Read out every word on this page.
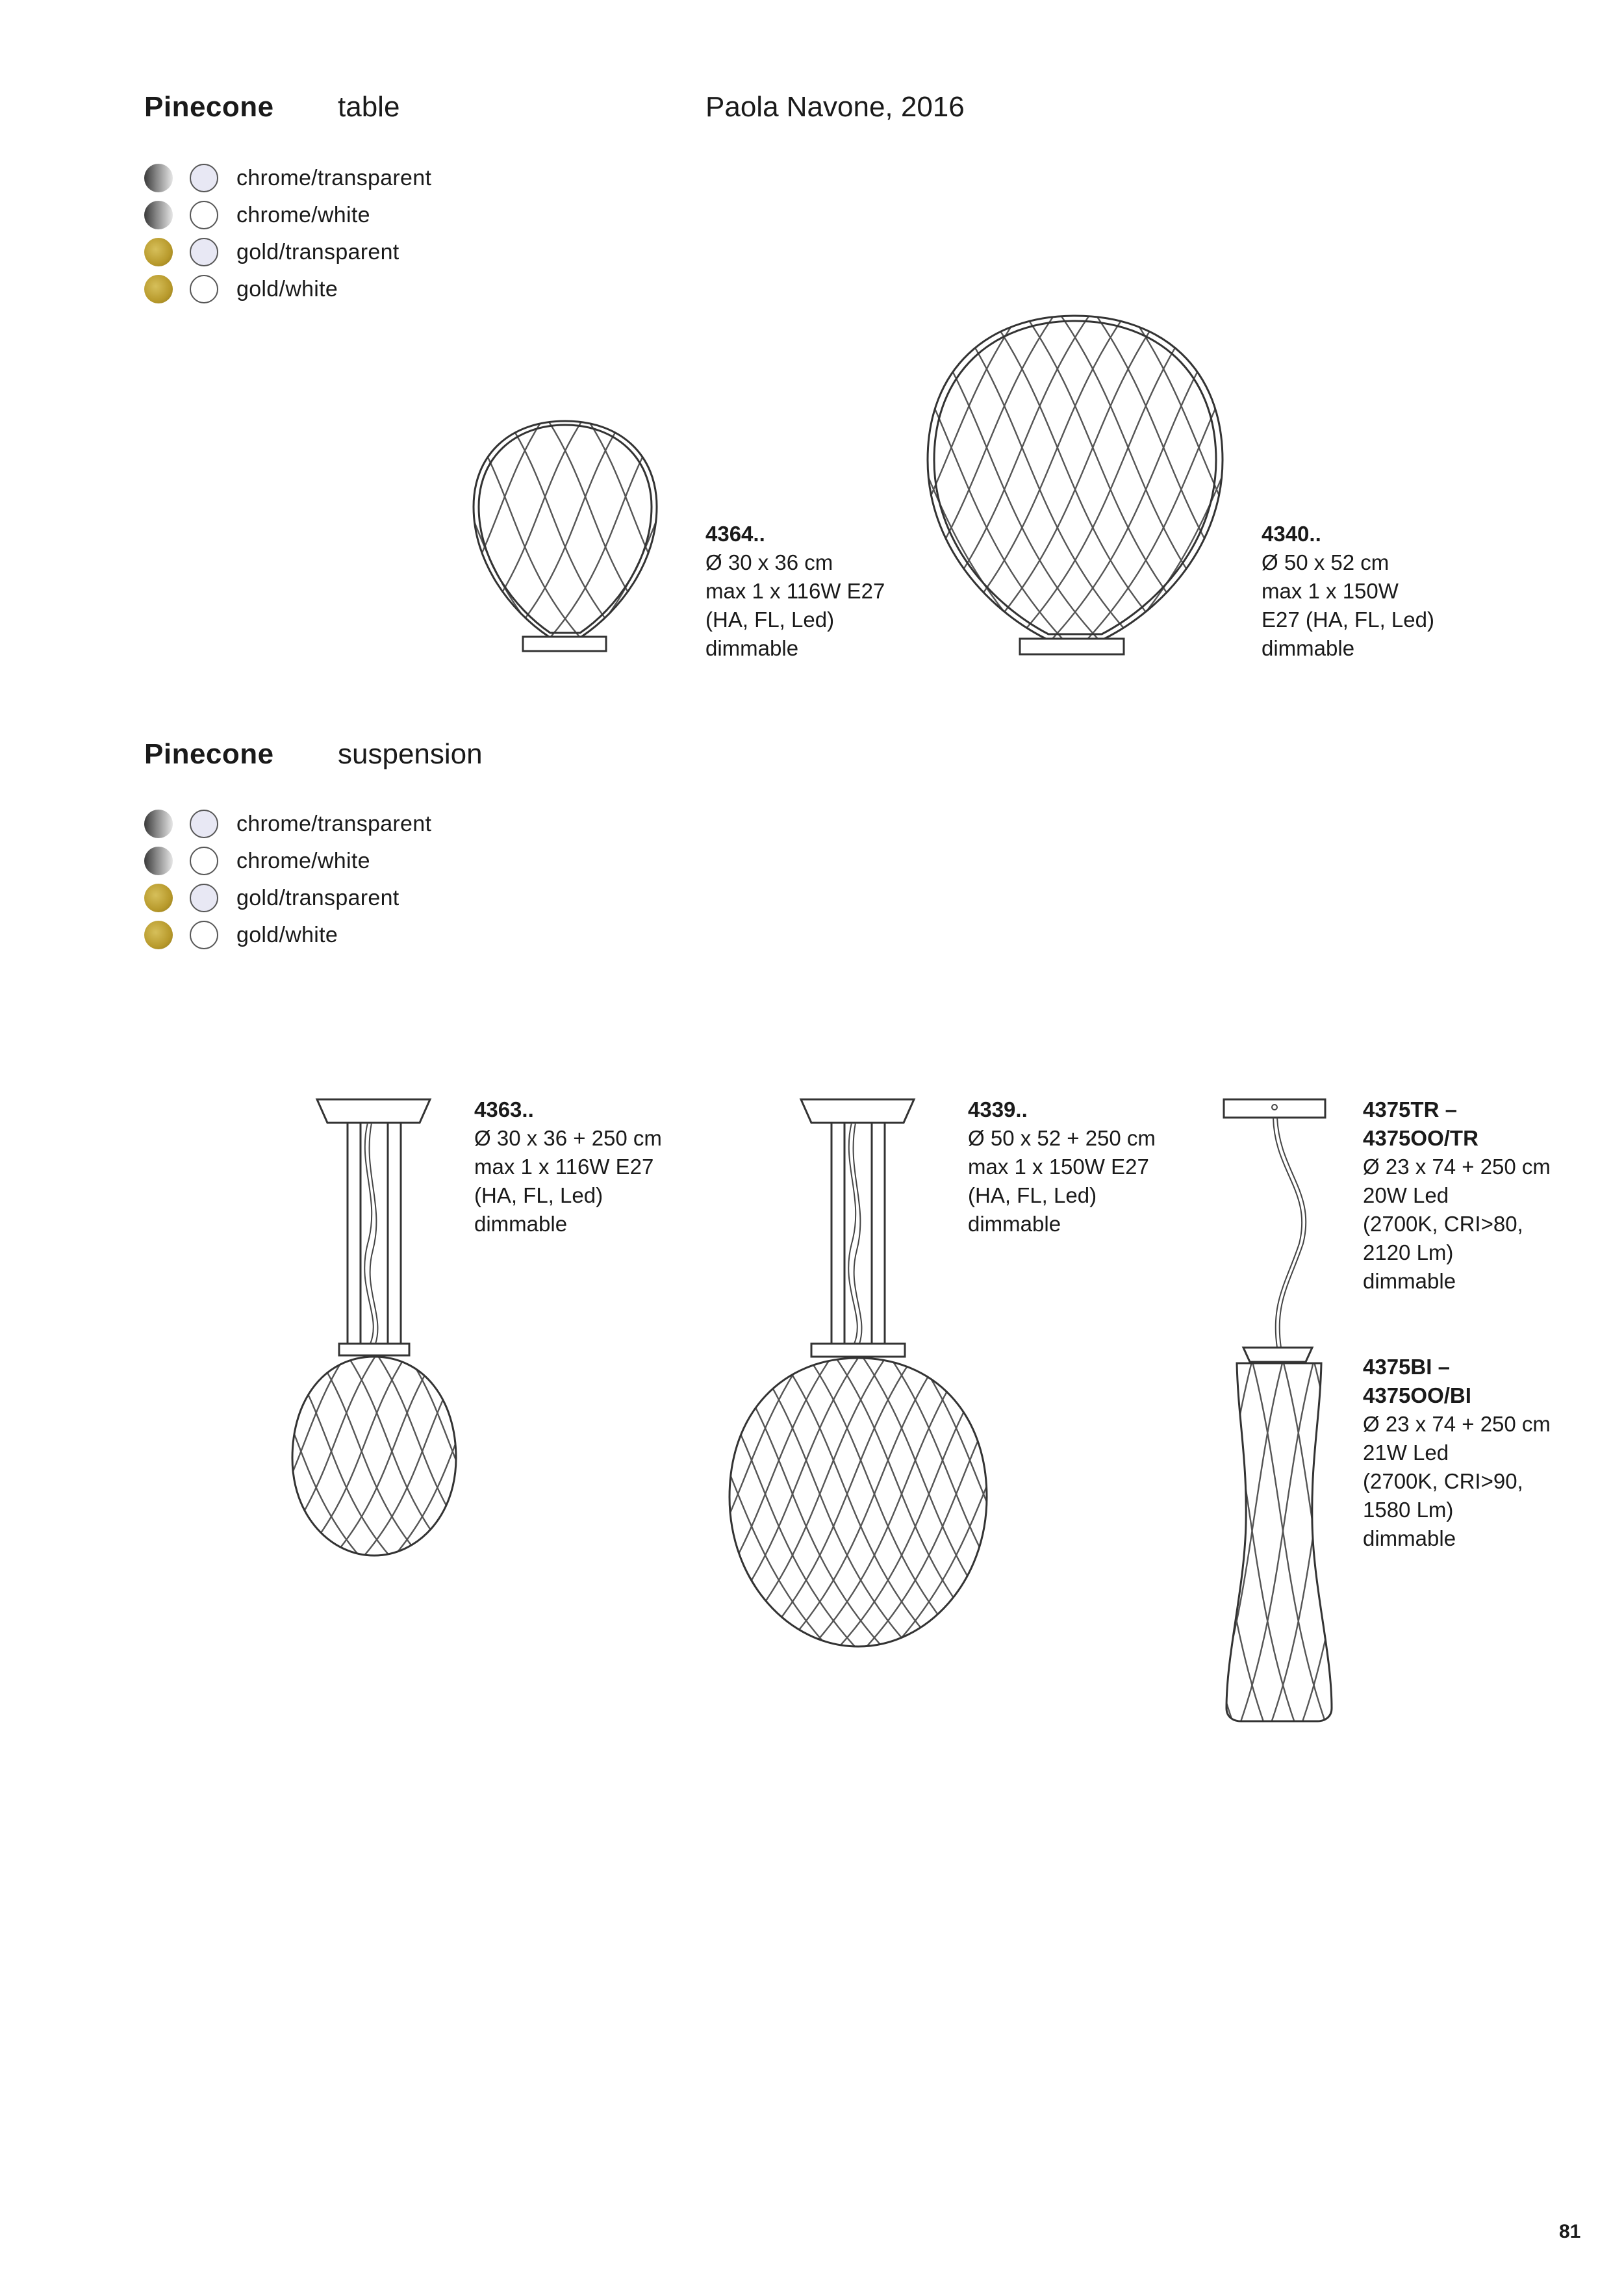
Pinecone table	Paola Navone, 2016
chrome/transparent
chrome/white
gold/transparent
gold/white
4364..
Ø 30 x 36 cm
max 1 x 116W E27
(HA, FL, Led)
dimmable
4340..
Ø 50 x 52 cm
max 1 x 150W
E27 (HA, FL, Led)
dimmable
Pinecone suspension
chrome/transparent
chrome/white
gold/transparent
gold/white
4363..
Ø 30 x 36 + 250 cm
max 1 x 116W E27
(HA, FL, Led)
dimmable
4339..
Ø 50 x 52 + 250 cm
max 1 x 150W E27
(HA, FL, Led)
dimmable
4375TR –
4375OO/TR
Ø 23 x 74 + 250 cm
20W Led
(2700K, CRI>80,
2120 Lm)
dimmable
4375BI –
4375OO/BI
Ø 23 x 74 + 250 cm
21W Led
(2700K, CRI>90,
1580 Lm)
dimmable
81
